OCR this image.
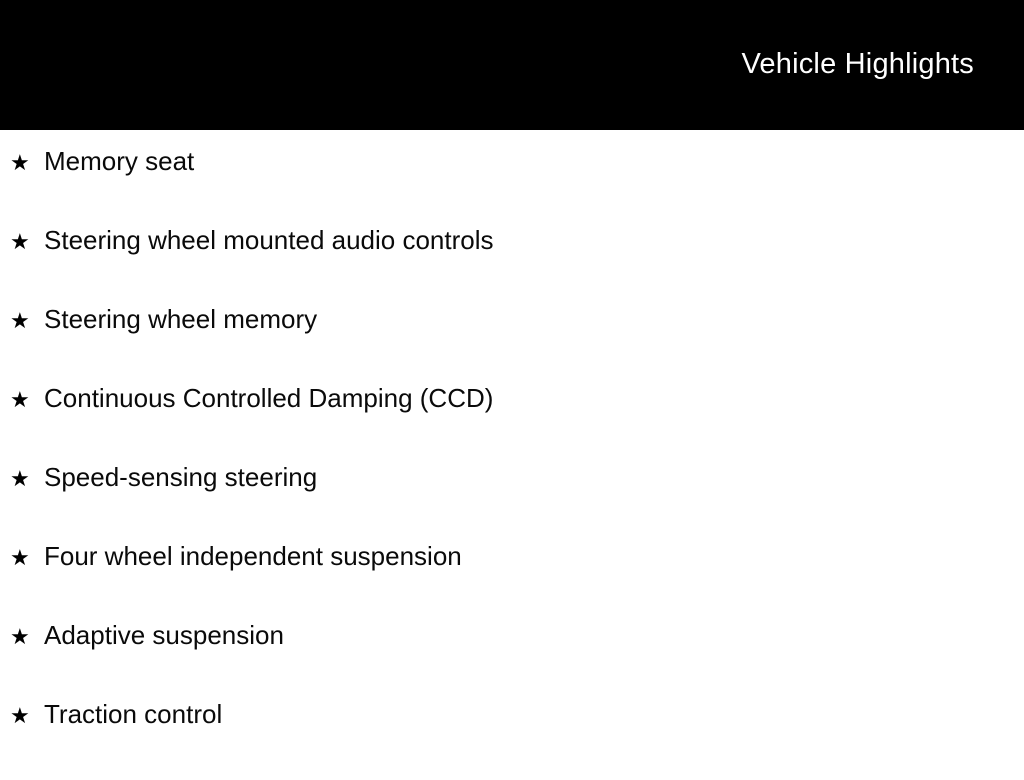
Vehicle Highlights
★ Memory seat
★ Steering wheel mounted audio controls
★ Steering wheel memory
★ Continuous Controlled Damping (CCD)
★ Speed-sensing steering
★ Four wheel independent suspension
★ Adaptive suspension
★ Traction control
